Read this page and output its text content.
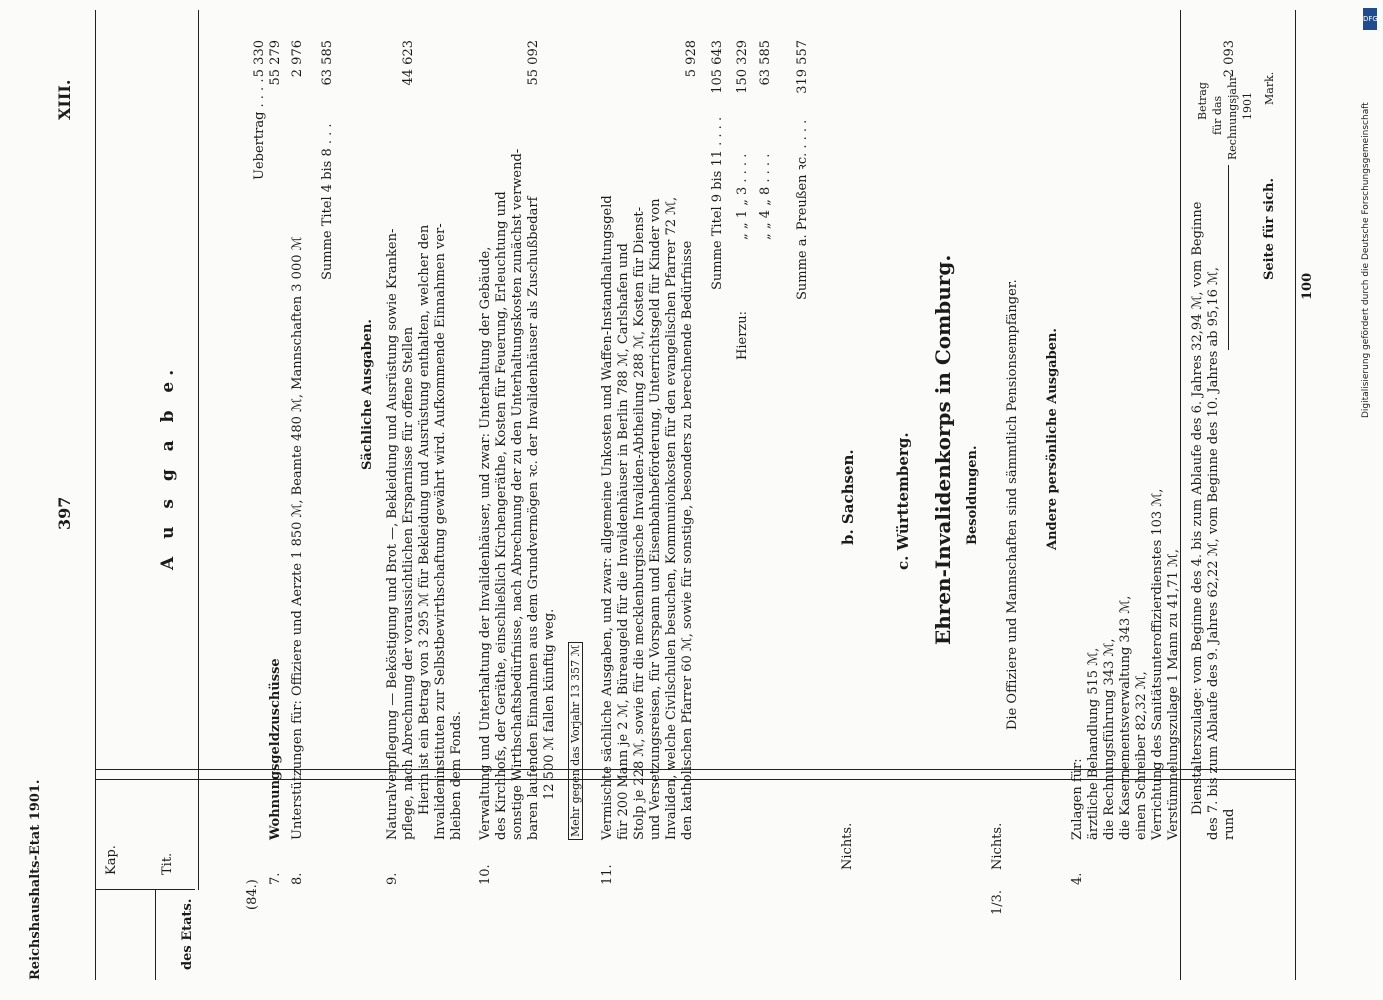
Reichshaushalts-Etat 1901.
397
XIII.
Kap.	Tit.
des Etats.
A u s g a b e.
Betrag für das Rechnungsjahr 1901
Mark.
(84.)
7.
Wohnungsgeldzuschüsse
55 279
8.
Unterstützungen für: Offiziere und Aerzte 1 850 ℳ, Beamte 480 ℳ, Mannschaften 3 000 ℳ
2 976
Uebertrag . . . .
5 330
Summe Titel 4 bis 8 . . .
63 585
Sächliche Ausgaben.
9.
Naturalverpflegung — Beköstigung und Brot —, Bekleidung und Ausrüstung sowie Kranken- pflege, nach Abrechnung der voraussichtlichen Ersparnisse für offene Stellen Hierin ist ein Betrag von 3 295 ℳ für Bekleidung und Ausrüstung enthalten, welcher den Invalideninstituten zur Selbstbewirthschaftung gewährt wird. Aufkommende Einnahmen ver- bleiben dem Fonds.
44 623
10.
Verwaltung und Unterhaltung der Invalidenhäuser, und zwar: Unterhaltung der Gebäude, des Kirchhofs, der Geräthe, einschließlich Kirchengeräthe, Kosten für Feuerung, Erleuchtung und sonstige Wirthschaftsbedürfnisse, nach Abrechnung der zu den Unterhaltungskosten zunächst verwend- baren laufenden Einnahmen aus dem Grundvermögen ꝛc. der Invalidenhäuser als Zuschußbedarf 12 500 ℳ fallen künftig weg.
55 092
Mehr gegen das Vorjahr 13 357 ℳ
11.
Vermischte sächliche Ausgaben, und zwar: allgemeine Unkosten und Waffen-Instandhaltungsgeld für 200 Mann je 2 ℳ, Büreaugeld für die Invalidenhäuser in Berlin 788 ℳ, Carlshafen und Stolp je 228 ℳ, sowie für die mecklenburgische Invaliden-Abtheilung 288 ℳ, Kosten für Dienst- und Versetzungsreisen, für Vorspann und Eisenbahnbeförderung, Unterrichtsgeld für Kinder von Invaliden, welche Civilschulen besuchen, Kommunionkosten für den evangelischen Pfarrer 72 ℳ, den katholischen Pfarrer 60 ℳ, sowie für sonstige, besonders zu berechnende Bedürfnisse
5 928
Summe Titel 9 bis 11 . . . .
105 643
Hierzu:
„ „ 1 „ 3 . . . .
150 329
„ „ 4 „ 8 . . . .
63 585
Summe a. Preußen ꝛc. . . . .
319 557
Nichts.
b. Sachsen. c. Württemberg. Ehren-Invalidenkorps in Comburg. Besoldungen.
1/3.
Nichts.
Die Offiziere und Mannschaften sind sämmtlich Pensionsempfänger. Andere persönliche Ausgaben.
4.
Zulagen für: ärztliche Behandlung 515 ℳ, die Rechnungsführung 343 ℳ, die Kasernementsverwaltung 343 ℳ, einen Schreiber 82,32 ℳ, Verrichtung des Sanitätsunteroffizierdienstes 103 ℳ, Verstümmelungszulage 1 Mann zu 41,71 ℳ, Dienstalterszulage: vom Beginne des 4. bis zum Ablaufe des 6. Jahres 32,94 ℳ, vom Beginne des 7. bis zum Ablaufe des 9. Jahres 62,22 ℳ, vom Beginne des 10. Jahres ab 95,16 ℳ, rund
2 093
Seite für sich.
100
DFG
Digitalisierung gefördert durch die Deutsche Forschungsgemeinschaft
